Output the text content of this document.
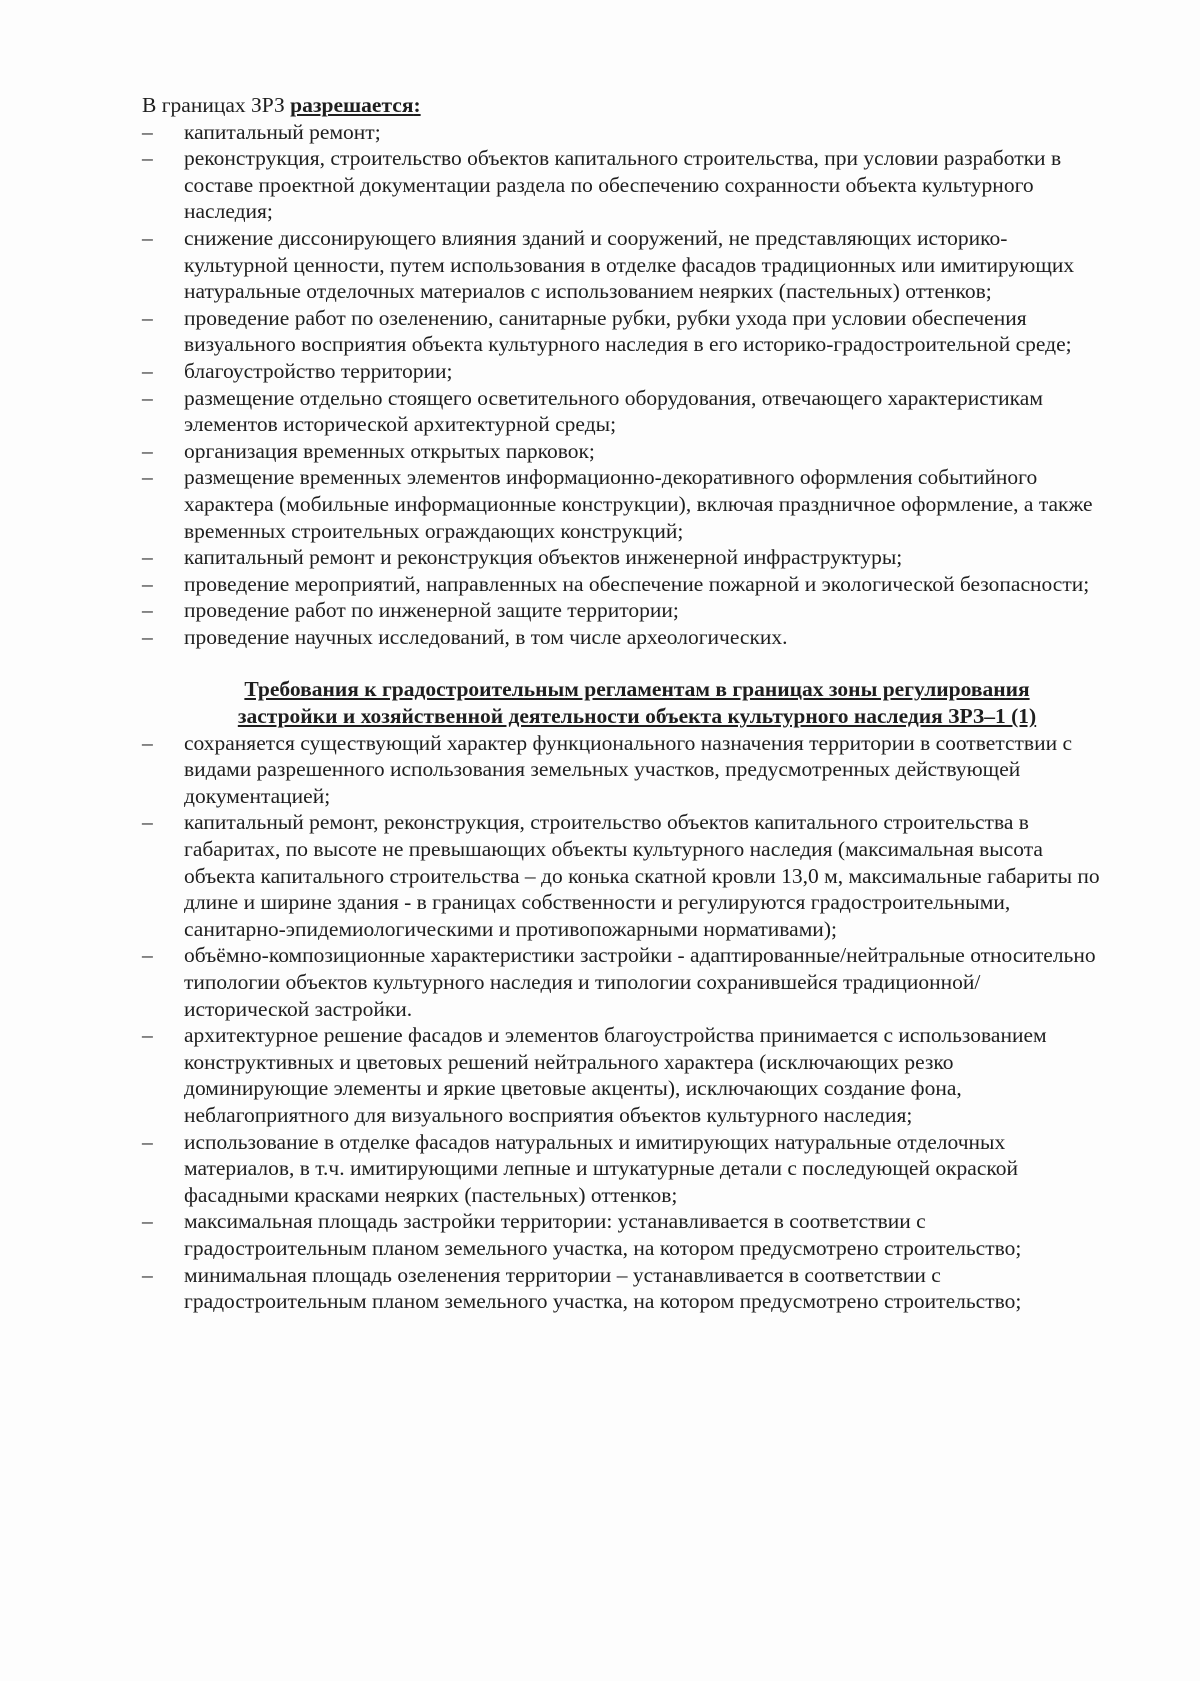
В границах ЗРЗ разрешается:

–	капитальный ремонт;
–	реконструкция, строительство объектов капитального строительства, при условии разработки в составе проектной документации раздела по обеспечению сохранности объекта культурного наследия;
–	снижение диссонирующего влияния зданий и сооружений, не представляющих историко-культурной ценности, путем использования в отделке фасадов традиционных или имитирующих натуральные отделочных материалов с использованием неярких (пастельных) оттенков;
–	проведение работ по озеленению, санитарные рубки, рубки ухода при условии обеспечения визуального восприятия объекта культурного наследия в его историко-градостроительной среде;
–	благоустройство территории;
–	размещение отдельно стоящего осветительного оборудования, отвечающего характеристикам элементов исторической архитектурной среды;
–	организация временных открытых парковок;
–	размещение временных элементов информационно-декоративного оформления событийного характера (мобильные информационные конструкции), включая праздничное оформление, а также временных строительных ограждающих конструкций;
–	капитальный ремонт и реконструкция объектов инженерной инфраструктуры;
–	проведение мероприятий, направленных на обеспечение пожарной и экологической безопасности;
–	проведение работ по инженерной защите территории;
–	проведение научных исследований, в том числе археологических.
Требования к градостроительным регламентам в границах зоны регулирования
застройки и хозяйственной деятельности объекта культурного наследия ЗРЗ–1 (1)
–	сохраняется существующий характер функционального назначения территории в соответствии с видами разрешенного использования земельных участков, предусмотренных действующей документацией;
–	капитальный ремонт, реконструкция, строительство объектов капитального строительства в габаритах, по высоте не превышающих объекты культурного наследия (максимальная высота объекта капитального строительства – до конька скатной кровли 13,0 м, максимальные габариты по длине и ширине здания - в границах собственности и регулируются градостроительными, санитарно-эпидемиологическими и противопожарными нормативами);
–	объёмно-композиционные характеристики застройки - адаптированные/нейтральные относительно типологии объектов культурного наследия и типологии сохранившейся традиционной/исторической застройки.
–	архитектурное решение фасадов и элементов благоустройства принимается с использованием конструктивных и цветовых решений нейтрального характера (исключающих резко доминирующие элементы и яркие цветовые акценты), исключающих создание фона, неблагоприятного для визуального восприятия объектов культурного наследия;
–	использование в отделке фасадов натуральных и имитирующих натуральные отделочных материалов, в т.ч. имитирующими лепные и штукатурные детали с последующей окраской фасадными красками неярких (пастельных) оттенков;
–	максимальная площадь застройки территории: устанавливается в соответствии с градостроительным планом земельного участка, на котором предусмотрено строительство;
–	минимальная площадь озеленения территории – устанавливается в соответствии с градостроительным планом земельного участка, на котором предусмотрено строительство;
